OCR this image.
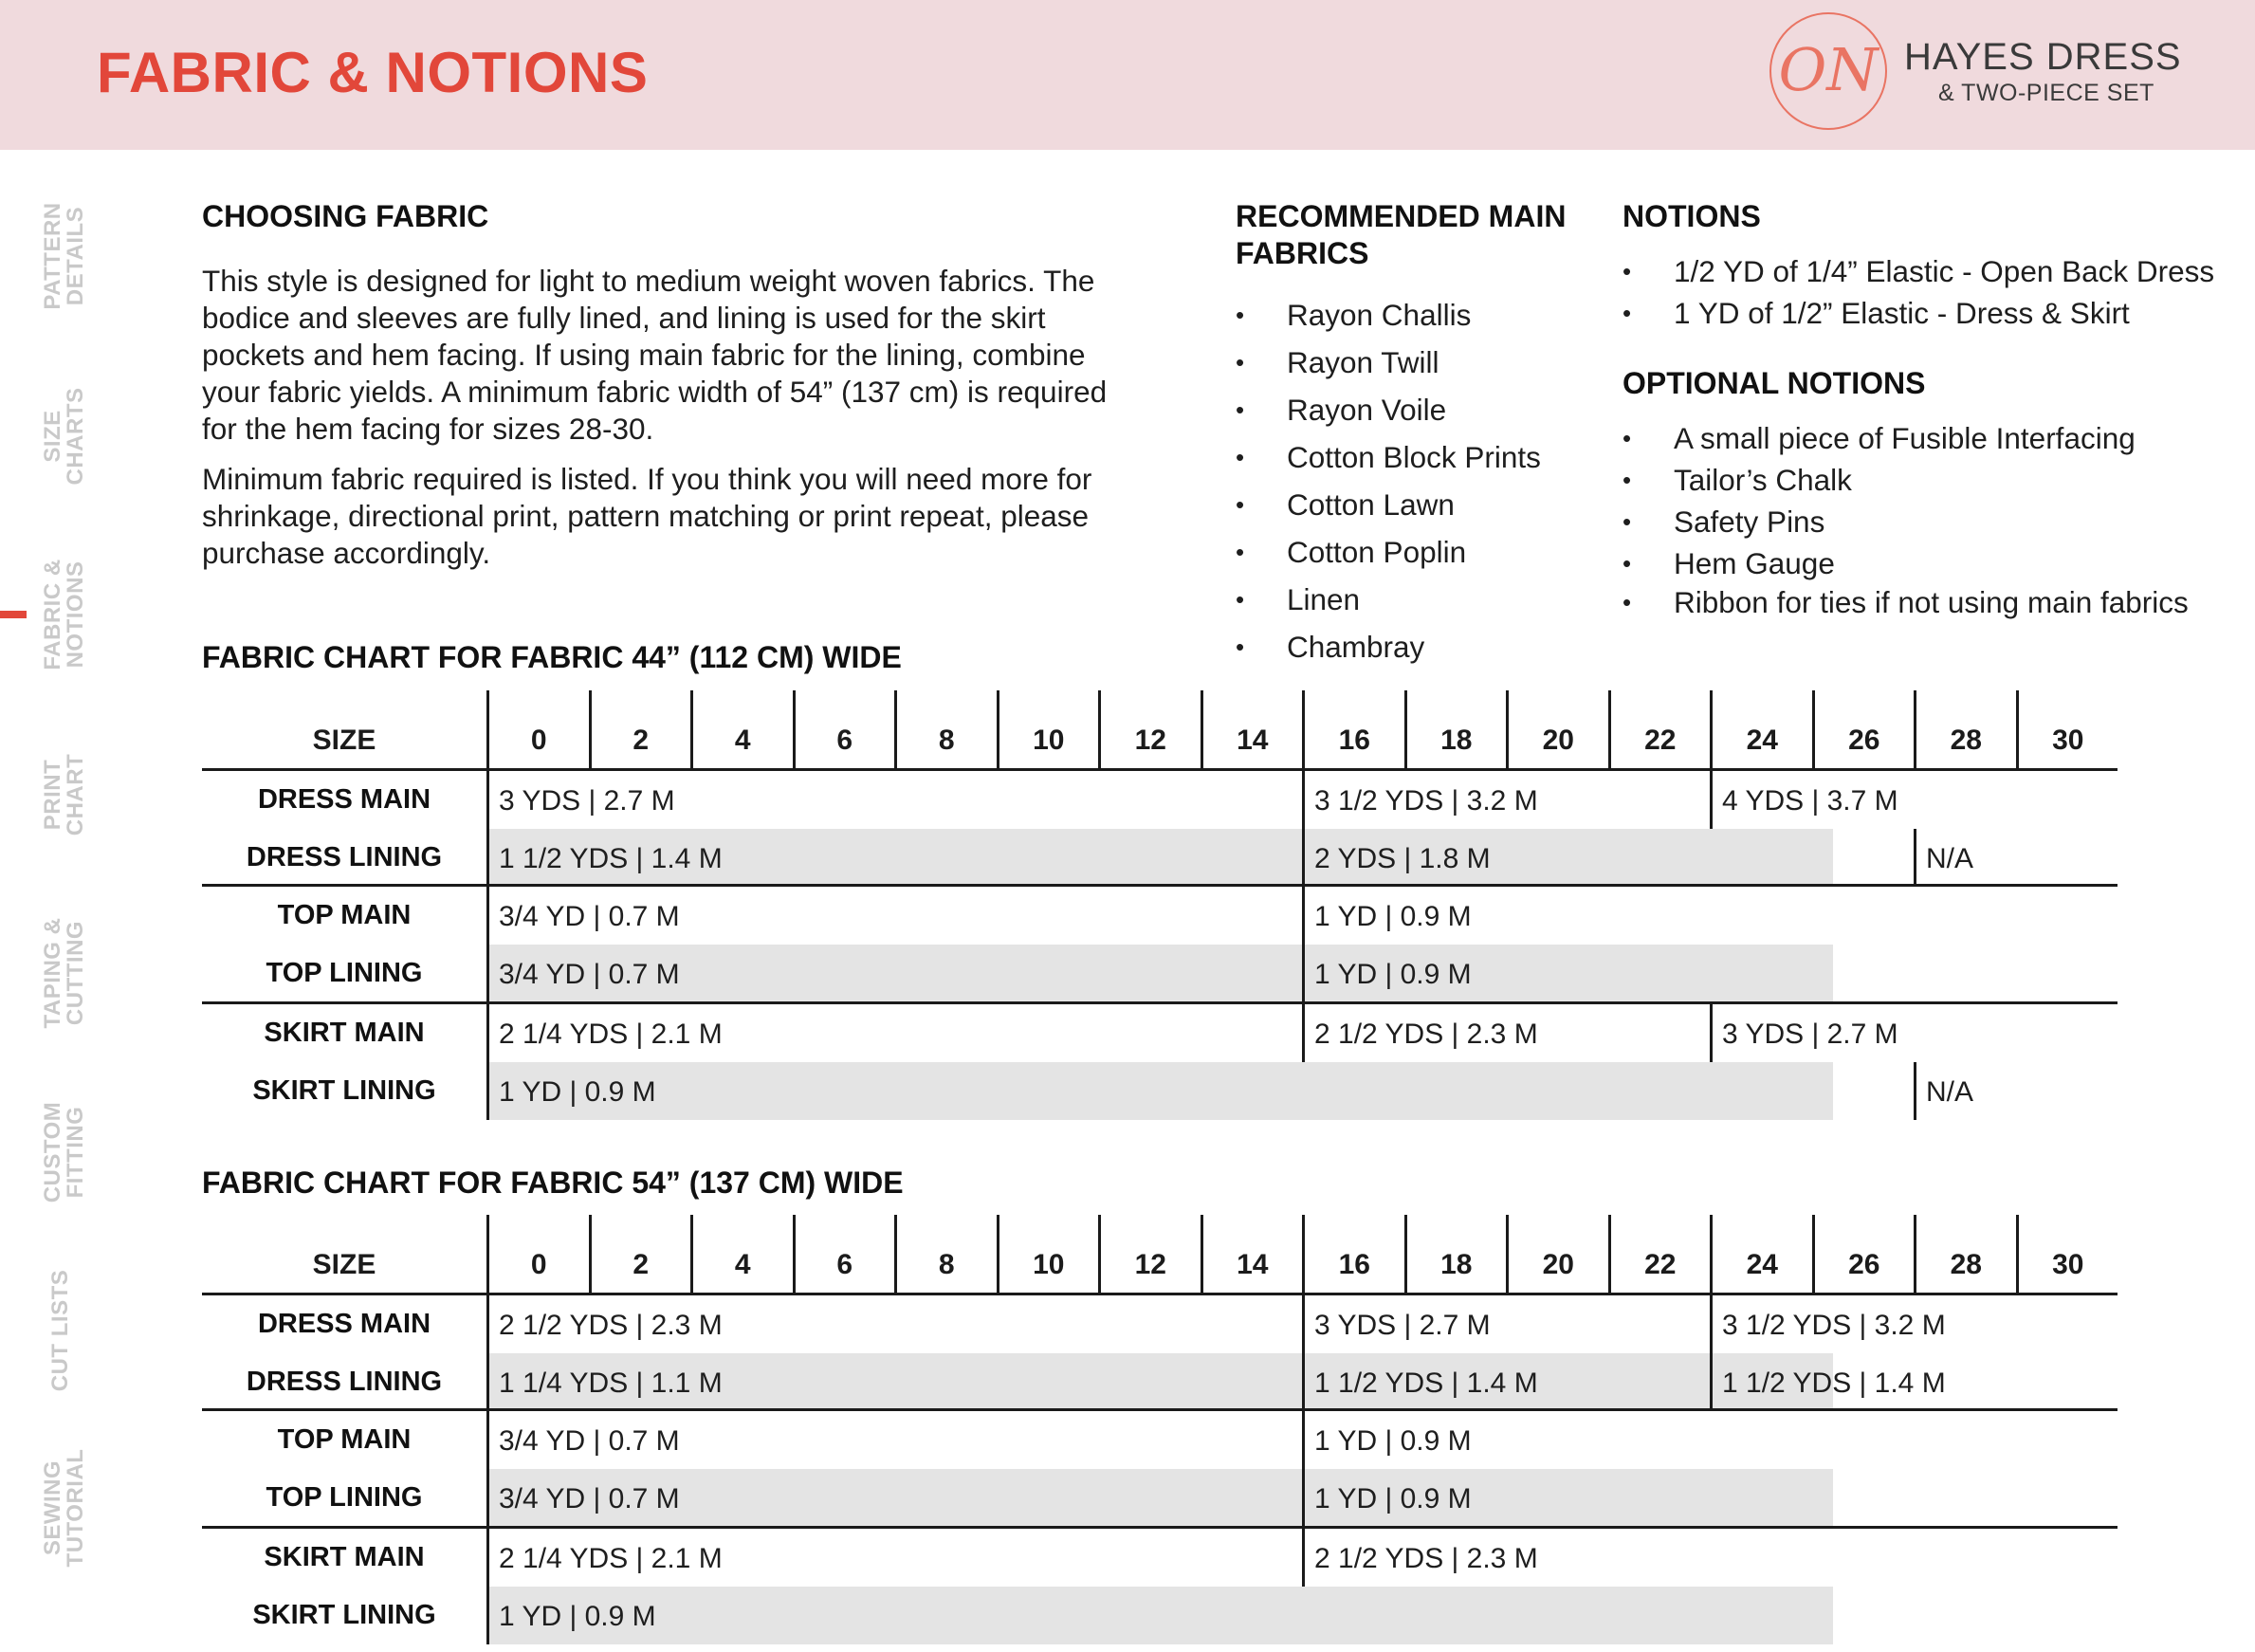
FABRIC & NOTIONS	ON HAYES DRESS
& TWO-PIECE SET
PATTERN
DETAILS
SIZE
CHARTS
FABRIC &
NOTIONS
PRINT
CHART
TAPING &
CUTTING
CUSTOM
FITTING
CUT LISTS
SEWING
TUTORIAL
CHOOSING FABRIC
This style is designed for light to medium weight woven fabrics. The bodice and sleeves are fully lined, and lining is used for the skirt pockets and hem facing. If using main fabric for the lining, combine your fabric yields. A minimum fabric width of 54” (137 cm) is required for the hem facing for sizes 28-30.
Minimum fabric required is listed. If you think you will need more for shrinkage, directional print, pattern matching or print repeat, please purchase accordingly.
RECOMMENDED MAIN
FABRICS
• Rayon Challis
• Rayon Twill
• Rayon Voile
• Cotton Block Prints
• Cotton Lawn
• Cotton Poplin
• Linen
• Chambray
NOTIONS
• 1/2 YD of 1/4” Elastic - Open Back Dress
• 1 YD of 1/2” Elastic - Dress & Skirt
OPTIONAL NOTIONS
• A small piece of Fusible Interfacing
• Tailor’s Chalk
• Safety Pins
• Hem Gauge
• Ribbon for ties if not using main fabrics
FABRIC CHART FOR FABRIC 44” (112 CM) WIDE
SIZE	0	2	4	6	8	10	12	14	16	18	20	22	24	26	28	30
DRESS MAIN	3 YDS | 2.7 M	3 1/2 YDS | 3.2 M	4 YDS | 3.7 M
DRESS LINING	1 1/2 YDS | 1.4 M	2 YDS | 1.8 M	N/A
TOP MAIN	3/4 YD | 0.7 M	1 YD | 0.9 M
TOP LINING	3/4 YD | 0.7 M	1 YD | 0.9 M
SKIRT MAIN	2 1/4 YDS | 2.1 M	2 1/2 YDS | 2.3 M	3 YDS | 2.7 M
SKIRT LINING	1 YD | 0.9 M	N/A
FABRIC CHART FOR FABRIC 54” (137 CM) WIDE
SIZE	0	2	4	6	8	10	12	14	16	18	20	22	24	26	28	30
DRESS MAIN	2 1/2 YDS | 2.3 M	3 YDS | 2.7 M	3 1/2 YDS | 3.2 M
DRESS LINING	1 1/4 YDS | 1.1 M	1 1/2 YDS | 1.4 M	1 1/2 YDS | 1.4 M
TOP MAIN	3/4 YD | 0.7 M	1 YD | 0.9 M
TOP LINING	3/4 YD | 0.7 M	1 YD | 0.9 M
SKIRT MAIN	2 1/4 YDS | 2.1 M	2 1/2 YDS | 2.3 M
SKIRT LINING	1 YD | 0.9 M
